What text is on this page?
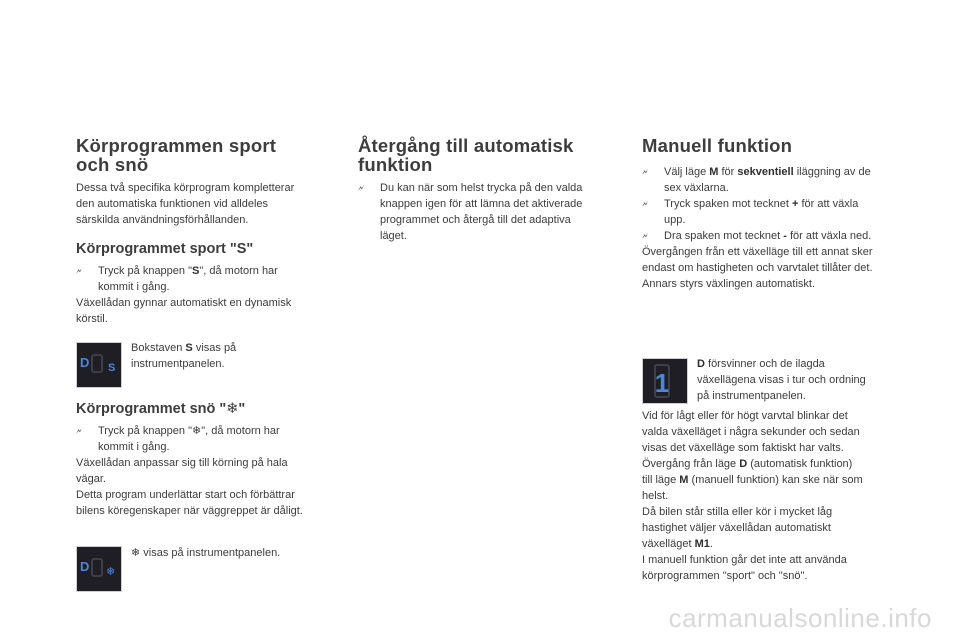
Körprogrammen sport
och snö

Dessa två specifika körprogram kompletterar
den automatiska funktionen vid alldeles
särskilda användningsförhållanden.

Körprogrammet sport "S"
🗲	Tryck på knappen "S", då motorn har
kommit i gång.

Växellådan gynnar automatiskt en dynamisk
körstil.

D S

Bokstaven S visas på
instrumentpanelen.

Körprogrammet snö "❄"
🗲	Tryck på knappen "❄", då motorn har
kommit i gång.

Växellådan anpassar sig till körning på hala
vägar.
Detta program underlättar start och förbättrar
bilens köregenskaper när väggreppet är dåligt.

D ❄

❄ visas på instrumentpanelen.

Återgång till automatisk
funktion
🗲	Du kan när som helst trycka på den valda
knappen igen för att lämna det aktiverade
programmet och återgå till det adaptiva
läget.
Manuell funktion
🗲	Välj läge M för sekventiell iläggning av de
sex växlarna.
🗲	Tryck spaken mot tecknet + för att växla
upp.
🗲	Dra spaken mot tecknet - för att växla ned.

Övergången från ett växelläge till ett annat sker
endast om hastigheten och varvtalet tillåter det.
Annars styrs växlingen automatiskt.

1

D försvinner och de ilagda
växellägena visas i tur och ordning
på instrumentpanelen.

Vid för lågt eller för högt varvtal blinkar det
valda växelläget i några sekunder och sedan
visas det växelläge som faktiskt har valts.
Övergång från läge D (automatisk funktion)
till läge M (manuell funktion) kan ske när som
helst.
Då bilen står stilla eller kör i mycket låg
hastighet väljer växellådan automatiskt
växelläget M1.
I manuell funktion går det inte att använda
körprogrammen "sport" och "snö".

carmanualsonline.info
